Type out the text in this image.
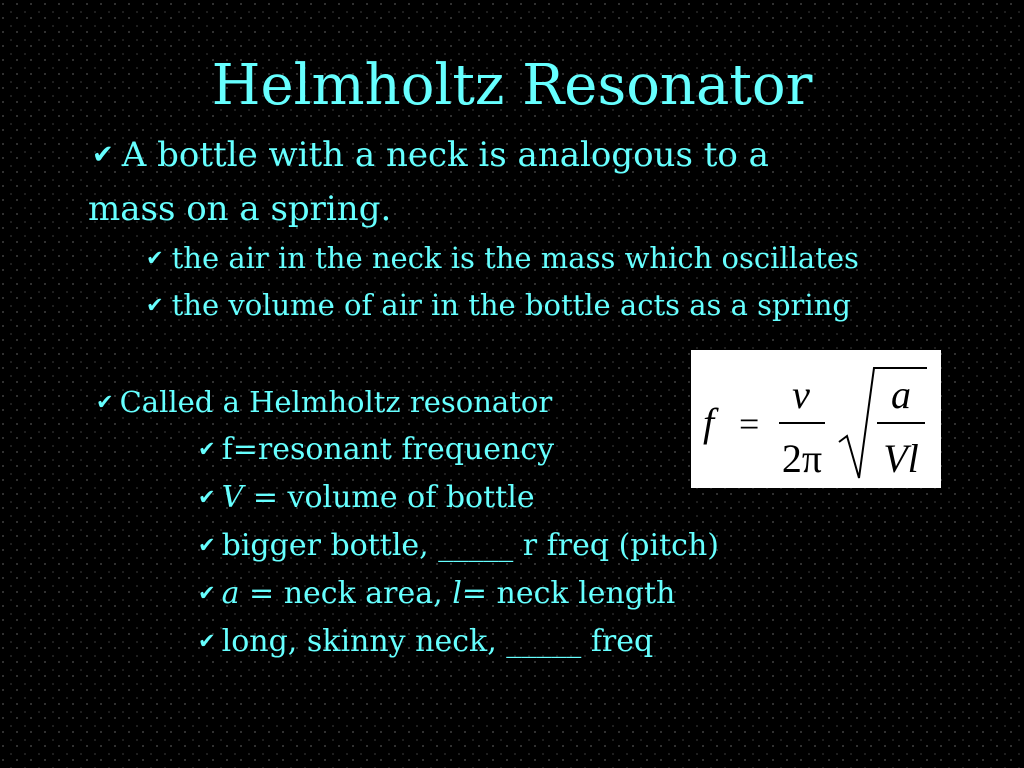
Helmholtz Resonator
✔ A bottle with a neck is analogous to a
mass on a spring.
✔ the air in the neck is the mass which oscillates
✔ the volume of air in the bottle acts as a spring
✔ Called a Helmholtz resonator
✔ f=resonant frequency
✔ V = volume of bottle
✔ bigger bottle, _____ r freq (pitch)
✔ a = neck area, l= neck length
✔ long, skinny neck, _____ freq
f =
v
2π
a
Vl
